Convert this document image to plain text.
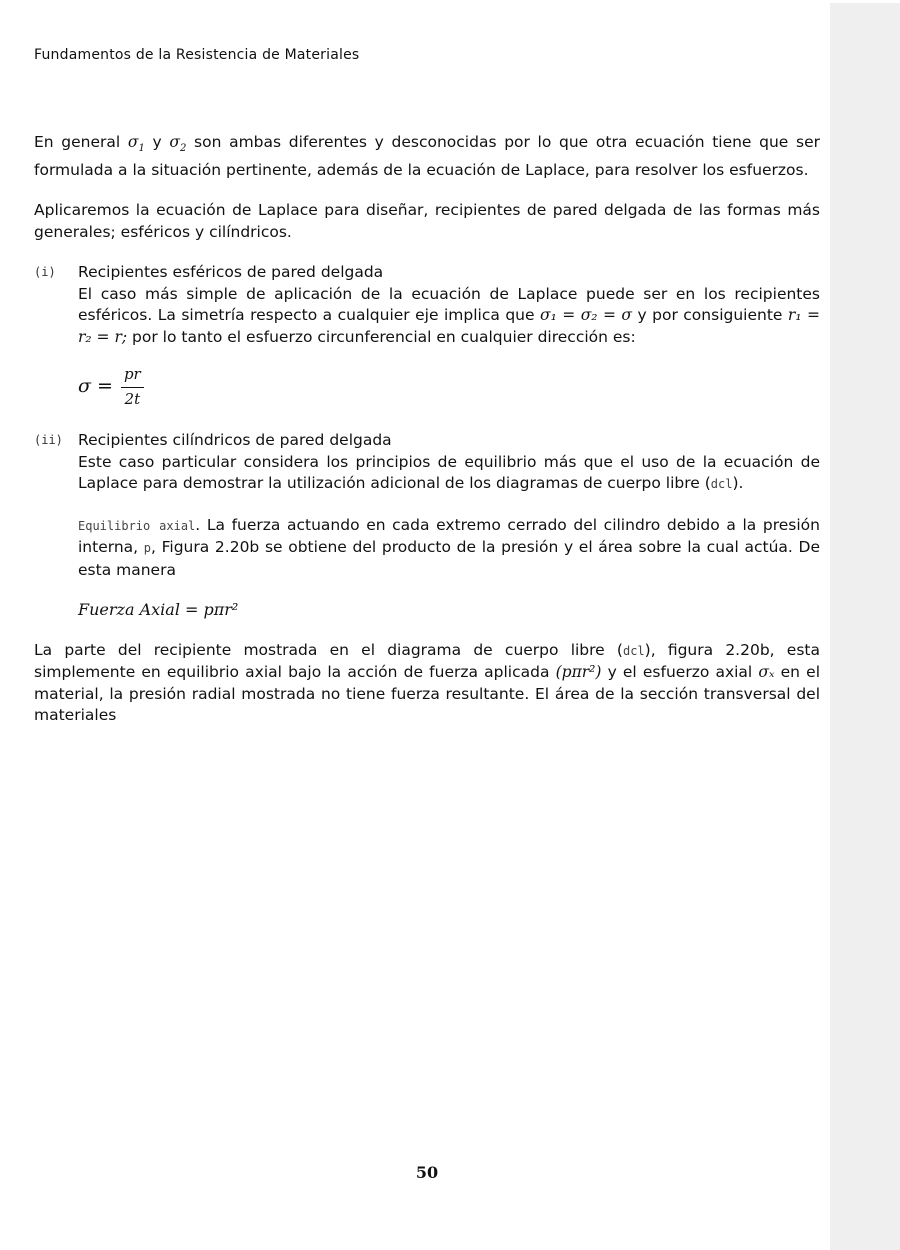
Fundamentos de la Resistencia de Materiales

En general $\sigma_1$ y $\sigma_2$ son ambas diferentes y desconocidas por lo que otra ecuación tiene que ser formulada a la situación pertinente, además de la ecuación de Laplace, para resolver los esfuerzos.

Aplicaremos la ecuación de Laplace para diseñar, recipientes de pared delgada de las formas más generales; esféricos y cilíndricos.

(i) Recipientes esféricos de pared delgada
El caso más simple de aplicación de la ecuación de Laplace puede ser en los recipientes esféricos. La simetría respecto a cualquier eje implica que σ₁ = σ₂ = σ y por consiguiente r₁ = r₂ = r; por lo tanto el esfuerzo circunferencial en cualquier dirección es:
$\sigma = \frac{pr}{2t}$
(ii) Recipientes cilíndricos de pared delgada
Este caso particular considera los principios de equilibrio más que el uso de la ecuación de Laplace para demostrar la utilización adicional de los diagramas de cuerpo libre (dcl).
Equilibrio axial. La fuerza actuando en cada extremo cerrado del cilindro debido a la presión interna, p, Figura 2.20b se obtiene del producto de la presión y el área sobre la cual actúa. De esta manera
Fuerza Axial = pπr²

La parte del recipiente mostrada en el diagrama de cuerpo libre (dcl), figura 2.20b, esta simplemente en equilibrio axial bajo la acción de fuerza aplicada (pπr²) y el esfuerzo axial σₓ en el material, la presión radial mostrada no tiene fuerza resultante. El área de la sección transversal del materiales

50
